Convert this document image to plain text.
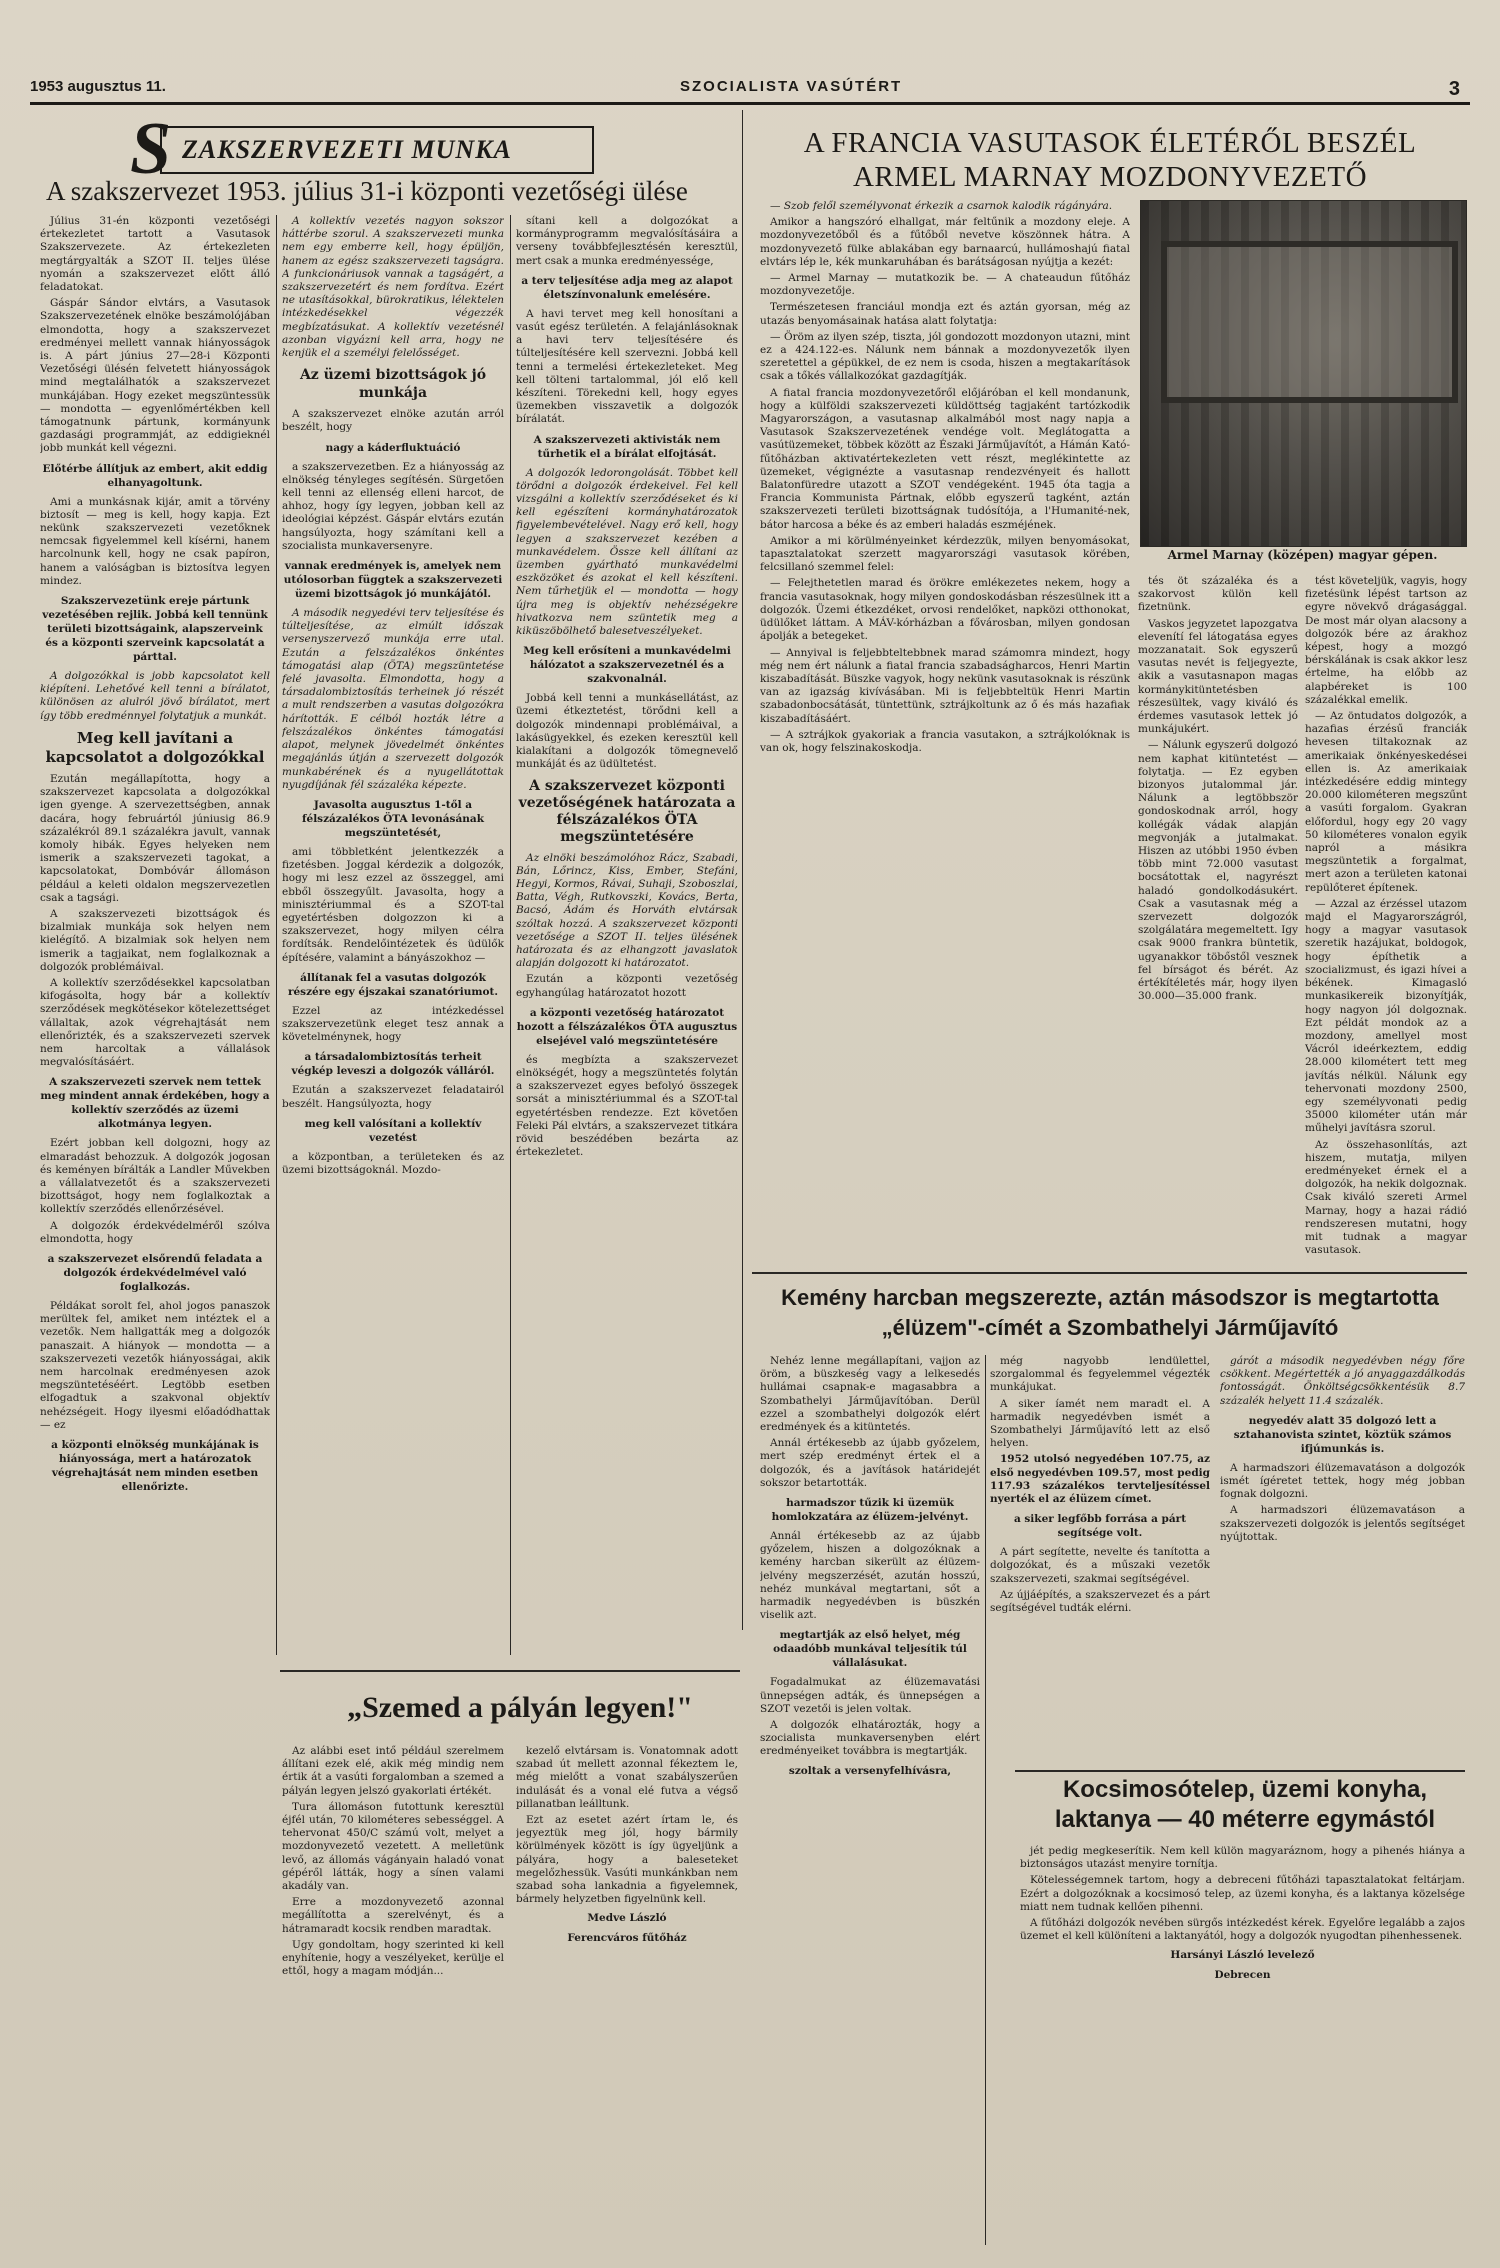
1953 augusztus 11.	SZOCIALISTA VASÚTÉRT	3
S ZAKSZERVEZETI MUNKA
A szakszervezet 1953. július 31-i központi vezetőségi ülése

Július 31-én központi vezetőségi értekezletet tartott a Vasutasok Szakszervezete. Az értekezleten megtárgyalták a SZOT II. teljes ülése nyomán a szakszervezet előtt álló feladatokat.

Gáspár Sándor elvtárs, a Vasutasok Szakszervezetének elnöke beszámolójában elmondotta, hogy a szakszervezet eredményei mellett vannak hiányosságok is. A párt június 27—28-i Központi Vezetőségi ülésén felvetett hiányosságok mind megtalálhatók a szakszervezet munkájában. Hogy ezeket megszüntessük — mondotta — egyenlőmértékben kell támogatnunk pártunk, kormányunk gazdasági programmját, az eddigieknél jobb munkát kell végezni.

Előtérbe állítjuk az embert, akit eddig elhanyagoltunk.

Ami a munkásnak kijár, amit a törvény biztosít — meg is kell, hogy kapja. Ezt nekünk szakszervezeti vezetőknek nemcsak figyelemmel kell kísérni, hanem harcolnunk kell, hogy ne csak papíron, hanem a valóságban is biztosítva legyen mindez.

Szakszervezetünk ereje pártunk vezetésében rejlik. Jobbá kell tennünk területi bizottságaink, alapszerveink és a központi szerveink kapcsolatát a párttal.

A dolgozókkal is jobb kapcsolatot kell kiépíteni. Lehetővé kell tenni a bírálatot, különösen az alulról jövő bírálatot, mert így több eredménnyel folytatjuk a munkát.

Meg kell javítani a kapcsolatot a dolgozókkal

Ezután megállapította, hogy a szakszervezet kapcsolata a dolgozókkal igen gyenge. A szervezettségben, annak dacára, hogy februártól júniusig 86.9 százalékról 89.1 százalékra javult, vannak komoly hibák. Egyes helyeken nem ismerik a szakszervezeti tagokat, a kapcsolatokat, Dombóvár állomáson például a keleti oldalon megszervezetlen csak a tagsági.

A szakszervezeti bizottságok és bizalmiak munkája sok helyen nem kielégítő. A bizalmiak sok helyen nem ismerik a tagjaikat, nem foglalkoznak a dolgozók problémáival.

A kollektív szerződésekkel kapcsolatban kifogásolta, hogy bár a kollektív szerződések megkötésekor kötelezettséget vállaltak, azok végrehajtását nem ellenőrizték, és a szakszervezeti szervek nem harcoltak a vállalások megvalósításáért.

A szakszervezeti szervek nem tettek meg mindent annak érdekében, hogy a kollektív szerződés az üzemi alkotmánya legyen.

Ezért jobban kell dolgozni, hogy az elmaradást behozzuk. A dolgozók jogosan és keményen bírálták a Landler Művekben a vállalatvezetőt és a szakszervezeti bizottságot, hogy nem foglalkoztak a kollektív szerződés ellenőrzésével.

A dolgozók érdekvédelméről szólva elmondotta, hogy

a szakszervezet elsőrendű feladata a dolgozók érdekvédelmével való foglalkozás.

Példákat sorolt fel, ahol jogos panaszok merültek fel, amiket nem intéztek el a vezetők. Nem hallgatták meg a dolgozók panaszait. A hiányok — mondotta — a szakszervezeti vezetők hiányosságai, akik nem harcolnak eredményesen azok megszüntetéséért. Legtöbb esetben elfogadtuk a szakvonal objektív nehézségeit. Hogy ilyesmi előadódhattak — ez

a központi elnökség munkájának is hiányossága, mert a határozatok végrehajtását nem minden esetben ellenőrizte.

A kollektív vezetés nagyon sokszor háttérbe szorul. A szakszervezeti munka nem egy emberre kell, hogy épüljön, hanem az egész szakszervezeti tagságra. A funkcionáriusok vannak a tagságért, a szakszervezetért és nem fordítva. Ezért ne utasításokkal, bürokratikus, lélektelen intézkedésekkel végezzék megbízatásukat. A kollektív vezetésnél azonban vigyázni kell arra, hogy ne kenjük el a személyi felelősséget.

Az üzemi bizottságok jó munkája

A szakszervezet elnöke azután arról beszélt, hogy

nagy a káderfluktuáció

a szakszervezetben. Ez a hiányosság az elnökség tényleges segítésén. Sürgetően kell tenni az ellenség elleni harcot, de ahhoz, hogy így legyen, jobban kell az ideológiai képzést. Gáspár elvtárs ezután hangsúlyozta, hogy számítani kell a szocialista munkaversenyre.

vannak eredmények is, amelyek nem utólosorban függtek a szakszervezeti üzemi bizottságok jó munkájától.

A második negyedévi terv teljesítése és túlteljesítése, az elmúlt időszak versenyszervező munkája erre utal. Ezután a felszázalékos önkéntes támogatási alap (ÖTA) megszüntetése felé javasolta. Elmondotta, hogy a társadalombiztosítás terheinek jó részét a mult rendszerben a vasutas dolgozókra hárították. E célból hozták létre a felszázalékos önkéntes támogatási alapot, melynek jövedelmét önkéntes megajánlás útján a szervezett dolgozók munkabérének és a nyugellátottak nyugdíjának fél százaléka képezte.

Javasolta augusztus 1-től a félszázalékos ÖTA levonásának megszüntetését,

ami többletként jelentkezzék a fizetésben. Joggal kérdezik a dolgozók, hogy mi lesz ezzel az összeggel, ami ebből összegyűlt. Javasolta, hogy a minisztériummal és a SZOT-tal egyetértésben dolgozzon ki a szakszervezet, hogy milyen célra fordítsák. Rendelőintézetek és üdülők építésére, valamint a bányászokhoz —

állítanak fel a vasutas dolgozók részére egy éjszakai szanatóriumot.

Ezzel az intézkedéssel szakszervezetünk eleget tesz annak a követelménynek, hogy

a társadalombiztosítás terheit végkép leveszi a dolgozók válláról.

Ezután a szakszervezet feladatairól beszélt. Hangsúlyozta, hogy

meg kell valósítani a kollektív vezetést

a központban, a területeken és az üzemi bizottságoknál. Mozdo-

sítani kell a dolgozókat a kormányprogramm megvalósításáira a verseny továbbfejlesztésén keresztül, mert csak a munka eredményessége,

a terv teljesítése adja meg az alapot életszínvonalunk emelésére.

A havi tervet meg kell honosítani a vasút egész területén. A felajánlásoknak a havi terv teljesítésére és túlteljesítésére kell szervezni. Jobbá kell tenni a termelési értekezleteket. Meg kell tölteni tartalommal, jól elő kell készíteni. Törekedni kell, hogy egyes üzemekben visszavetik a dolgozók bírálatát.

A szakszervezeti aktivisták nem tűrhetik el a bírálat elfojtását.

A dolgozók ledorongolását. Többet kell törődni a dolgozók érdekeivel. Fel kell vizsgálni a kollektív szerződéseket és ki kell egészíteni kormányhatározatok figyelembevételével. Nagy erő kell, hogy legyen a szakszervezet kezében a munkavédelem. Össze kell állítani az üzemben gyártható munkavédelmi eszközöket és azokat el kell készíteni. Nem tűrhetjük el — mondotta — hogy újra meg is objektív nehézségekre hivatkozva nem szüntetik meg a kiküszöbölhető balesetveszélyeket.

Meg kell erősíteni a munkavédelmi hálózatot a szakszervezetnél és a szakvonalnál.

Jobbá kell tenni a munkásellátást, az üzemi étkeztetést, törődni kell a dolgozók mindennapi problémáival, a lakásügyekkel, és ezeken keresztül kell kialakítani a dolgozók tömegnevelő munkáját és az üdültetést.

A szakszervezet központi vezetőségének határozata a félszázalékos ÖTA megszüntetésére

Az elnöki beszámolóhoz Rácz, Szabadi, Bán, Lőrincz, Kiss, Ember, Stefáni, Hegyi, Kormos, Rávai, Suhaji, Szoboszlai, Batta, Végh, Rutkovszki, Kovács, Berta, Bacsó, Ádám és Horváth elvtársak szóltak hozzá. A szakszervezet központi vezetősége a SZOT II. teljes ülésének határozata és az elhangzott javaslatok alapján dolgozott ki határozatot.

Ezután a központi vezetőség egyhangúlag határozatot hozott

a központi vezetőség határozatot hozott a félszázalékos ÖTA augusztus elsejével való megszüntetésére

és megbízta a szakszervezet elnökségét, hogy a megszüntetés folytán a szakszervezet egyes befolyó összegek sorsát a minisztériummal és a SZOT-tal egyetértésben rendezze. Ezt követően Feleki Pál elvtárs, a szakszervezet titkára rövid beszédében bezárta az értekezletet.

A FRANCIA VASUTASOK ÉLETÉRŐL BESZÉL ARMEL MARNAY MOZDONYVEZETŐ
Armel Marnay (középen) magyar gépen.

— Szob felől személyvonat érkezik a csarnok kalodik rágányára.

Amikor a hangszóró elhallgat, már feltűnik a mozdony eleje. A mozdonyvezetőből és a fűtőből nevetve köszönnek hátra. A mozdonyvezető fülke ablakában egy barnaarcú, hullámoshajú fiatal elvtárs lép le, kék munkaruhában és barátságosan nyújtja a kezét:

— Armel Marnay — mutatkozik be. — A chateaudun fűtőház mozdonyvezetője.

Természetesen franciául mondja ezt és aztán gyorsan, még az utazás benyomásainak hatása alatt folytatja:

— Öröm az ilyen szép, tiszta, jól gondozott mozdonyon utazni, mint ez a 424.122-es. Nálunk nem bánnak a mozdonyvezetők ilyen szeretettel a gépükkel, de ez nem is csoda, hiszen a megtakarítások csak a tőkés vállalkozókat gazdagítják.

A fiatal francia mozdonyvezetőről előjáróban el kell mondanunk, hogy a külföldi szakszervezeti küldöttség tagjaként tartózkodik Magyarországon, a vasutasnap alkalmából most nagy napja a Vasutasok Szakszervezetének vendége volt. Meglátogatta a vasútüzemeket, többek között az Északi Járműjavítót, a Hámán Kató-fűtőházban aktivatértekezleten vett részt, meglékintette az üzemeket, végignézte a vasutasnap rendezvényeit és hallott Balatonfüredre utazott a SZOT vendégeként. 1945 óta tagja a Francia Kommunista Pártnak, előbb egyszerű tagként, aztán szakszervezeti területi bizottságnak tudósítója, a l'Humanité-nek, bátor harcosa a béke és az emberi haladás eszméjének.

Amikor a mi körülményeinket kérdezzük, milyen benyomásokat, tapasztalatokat szerzett magyarországi vasutasok körében, felcsillanó szemmel felel:

— Felejthetetlen marad és örökre emlékezetes nekem, hogy a francia vasutasoknak, hogy milyen gondoskodásban részesülnek itt a dolgozók. Üzemi étkezdéket, orvosi rendelőket, napközi otthonokat, üdülőket láttam. A MÁV-kórházban a fővárosban, milyen gondosan ápolják a betegeket.

— Annyival is feljebbteltebbnek marad számomra mindezt, hogy még nem ért nálunk a fiatal francia szabadságharcos, Henri Martin kiszabadítását. Büszke vagyok, hogy nekünk vasutasoknak is részünk van az igazság kivívásában. Mi is feljebbteltük Henri Martin szabadonbocsátását, tüntettünk, sztrájkoltunk az ő és más hazafiak kiszabadításáért.

— A sztrájkok gyakoriak a francia vasutakon, a sztrájkolóknak is van ok, hogy felszinakoskodja.

tés öt százaléka és a szakorvost külön kell fizetnünk.

Vaskos jegyzetet lapozgatva elevenítí fel látogatása egyes mozzanatait. Sok egyszerű vasutas nevét is feljegyezte, akik a vasutasnapon magas kormánykitüntetésben részesültek, vagy kiváló és érdemes vasutasok lettek jó munkájukért.

— Nálunk egyszerű dolgozó nem kaphat kitüntetést — folytatja. — Ez egyben bizonyos jutalommal jár. Nálunk a legtöbbször gondoskodnak arról, hogy kollégák vádak alapján megvonják a jutalmakat. Hiszen az utóbbi 1950 évben több mint 72.000 vasutast bocsátottak el, nagyrészt haladó gondolkodásukért. Csak a vasutasnak még a szervezett dolgozók szolgálatára megemeltett. Igy csak 9000 frankra büntetik, ugyanakkor töbőstől vesznek fel bírságot és bérét. Az értékítéletés már, hogy ilyen 30.000—35.000 frank.

tést követeljük, vagyis, hogy fizetésünk lépést tartson az egyre növekvő drágasággal. De most már olyan alacsony a dolgozók bére az árakhoz képest, hogy a mozgó bérskálának is csak akkor lesz értelme, ha előbb az alapbéreket is 100 százalékkal emelik.

— Az öntudatos dolgozók, a hazafias érzésű franciák hevesen tiltakoznak az amerikaiak önkényeskedései ellen is. Az amerikaiak intézkedésére eddig mintegy 20.000 kilométeren megszűnt a vasúti forgalom. Gyakran előfordul, hogy egy 20 vagy 50 kilométeres vonalon egyik napról a másikra megszüntetik a forgalmat, mert azon a területen katonai repülőteret építenek.

— Azzal az érzéssel utazom majd el Magyarországról, hogy a magyar vasutasok szeretik hazájukat, boldogok, hogy építhetik a szocializmust, és igazi hívei a békének. Kimagasló munkasikereik bizonyítják, hogy nagyon jól dolgoznak. Ezt példát mondok az a mozdony, amellyel most Vácról ideérkeztem, eddig 28.000 kilométert tett meg javítás nélkül. Nálunk egy tehervonati mozdony 2500, egy személyvonati pedig 35000 kilométer után már műhelyi javításra szorul.

Az összehasonlítás, azt hiszem, mutatja, milyen eredményeket érnek el a dolgozók, ha nekik dolgoznak. Csak kiváló szereti Armel Marnay, hogy a hazai rádió rendszeresen mutatni, hogy mit tudnak a magyar vasutasok.

Kemény harcban megszerezte, aztán másodszor is megtartotta „élüzem"-címét a Szombathelyi Járműjavító

Nehéz lenne megállapítani, vajjon az öröm, a büszkeség vagy a lelkesedés hullámai csapnak-e magasabbra a Szombathelyi Járműjavítóban. Derül ezzel a szombathelyi dolgozók elért eredmények és a kitüntetés.

Annál értékesebb az újabb győzelem, mert szép eredményt értek el a dolgozók, és a javítások határidejét sokszor betartották.

harmadszor tűzik ki üzemük homlokzatára az élüzem-jelvényt.

Annál értékesebb az az újabb győzelem, hiszen a dolgozóknak a kemény harcban sikerült az élüzem-jelvény megszerzését, azután hosszú, nehéz munkával megtartani, sőt a harmadik negyedévben is büszkén viselik azt.

megtartják az első helyet, még odaadóbb munkával teljesítik túl vállalásukat.

Fogadalmukat az élüzemavatási ünnepségen adták, és ünnepségen a SZOT vezetői is jelen voltak.

A dolgozók elhatározták, hogy a szocialista munkaversenyben elért eredményeiket továbbra is megtartják.

szoltak a versenyfelhívásra,

még nagyobb lendülettel, szorgalommal és fegyelemmel végezték munkájukat.

A siker íamét nem maradt el. A harmadik negyedévben ismét a Szombathelyi Járműjavító lett az első helyen.

1952 utolsó negyedében 107.75, az első negyedévben 109.57, most pedig 117.93 százalékos tervteljesítéssel nyerték el az élüzem címet.

a siker legfőbb forrása a párt segítsége volt.

A párt segítette, nevelte és tanította a dolgozókat, és a műszaki vezetők szakszervezeti, szakmai segítségével.

Az újjáépítés, a szakszervezet és a párt segítségével tudták elérni.

gárót a második negyedévben négy főre csökkent. Megértették a jó anyaggazdálkodás fontosságát. Önköltségcsökkentésük 8.7 százalék helyett 11.4 százalék.

negyedév alatt 35 dolgozó lett a sztahanovista szintet, köztük számos ifjúmunkás is.

A harmadszori élüzemavatáson a dolgozók ismét ígéretet tettek, hogy még jobban fognak dolgozni.

A harmadszori élüzemavatáson a szakszervezeti dolgozók is jelentős segítséget nyújtottak.

Kocsimosótelep, üzemi konyha, laktanya — 40 méterre egymástól

jét pedig megkeserítik. Nem kell külön magyaráznom, hogy a pihenés hiánya a biztonságos utazást menyire tornítja.

Kötelességemnek tartom, hogy a debreceni fűtőházi tapasztalatokat feltárjam. Ezért a dolgozóknak a kocsimosó telep, az üzemi konyha, és a laktanya közelsége miatt nem tudnak kellően pihenni.

A fűtőházi dolgozók nevében sürgős intézkedést kérek. Egyelőre legalább a zajos üzemet el kell különíteni a laktanyától, hogy a dolgozók nyugodtan pihenhessenek.

Harsányi László levelező
Debrecen
„Szemed a pályán legyen!"

Az alábbi eset intő például szerelmem állítani ezek elé, akik még mindig nem értik át a vasúti forgalomban a szemed a pályán legyen jelszó gyakorlati értékét.

Tura állomáson futottunk keresztül éjfél után, 70 kilométeres sebességgel. A tehervonat 450/C számú volt, melyet a mozdonyvezető vezetett. A melletünk levő, az állomás vágányain haladó vonat gépéről látták, hogy a sínen valami akadály van.

Erre a mozdonyvezető azonnal megállította a szerelvényt, és a hátramaradt kocsik rendben maradtak.

Ugy gondoltam, hogy szerinted ki kell enyhítenie, hogy a veszélyeket, kerülje el ettől, hogy a magam módján...

kezelő elvtársam is. Vonatomnak adott szabad út mellett azonnal fékeztem le, még mielőtt a vonat szabályszerűen indulását és a vonal elé futva a végső pillanatban leálltunk.

Ezt az esetet azért írtam le, és jegyeztük meg jól, hogy bármily körülmények között is így ügyeljünk a pályára, hogy a baleseteket megelőzhessük. Vasúti munkánkban nem szabad soha lankadnia a figyelemnek, bármely helyzetben figyelnünk kell.

Medve László
Ferencváros fűtőház
